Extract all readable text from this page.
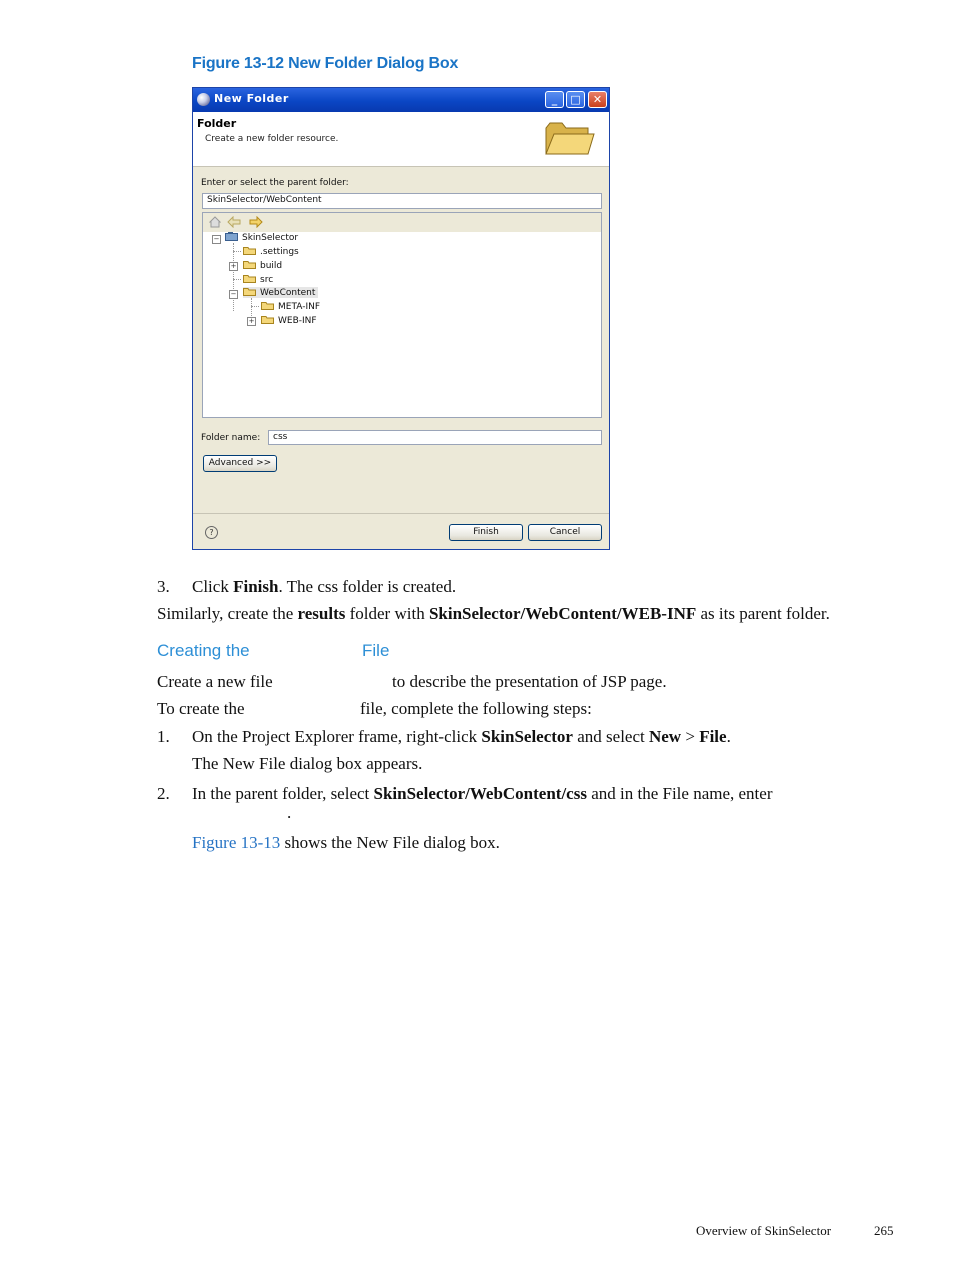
Figure 13-12 New Folder Dialog Box
New Folder	_	□	✕
Folder
Create a new folder resource.
Enter or select the parent folder:
SkinSelector/WebContent
−	SkinSelector
.settings
+	build
src
−	WebContent
META-INF
+	WEB-INF
Folder name:	css
Advanced >>
?	Finish	Cancel
3. Click Finish. The css folder is created.
Similarly, create the results folder with SkinSelector/WebContent/WEB-INF as its parent folder.
Creating the	File
Create a new file	to describe the presentation of JSP page.
To create the	file, complete the following steps:
1. On the Project Explorer frame, right-click SkinSelector and select New > File.
The New File dialog box appears.
2. In the parent folder, select SkinSelector/WebContent/css and in the File name, enter
.
Figure 13-13 shows the New File dialog box.
Overview of SkinSelector	265
